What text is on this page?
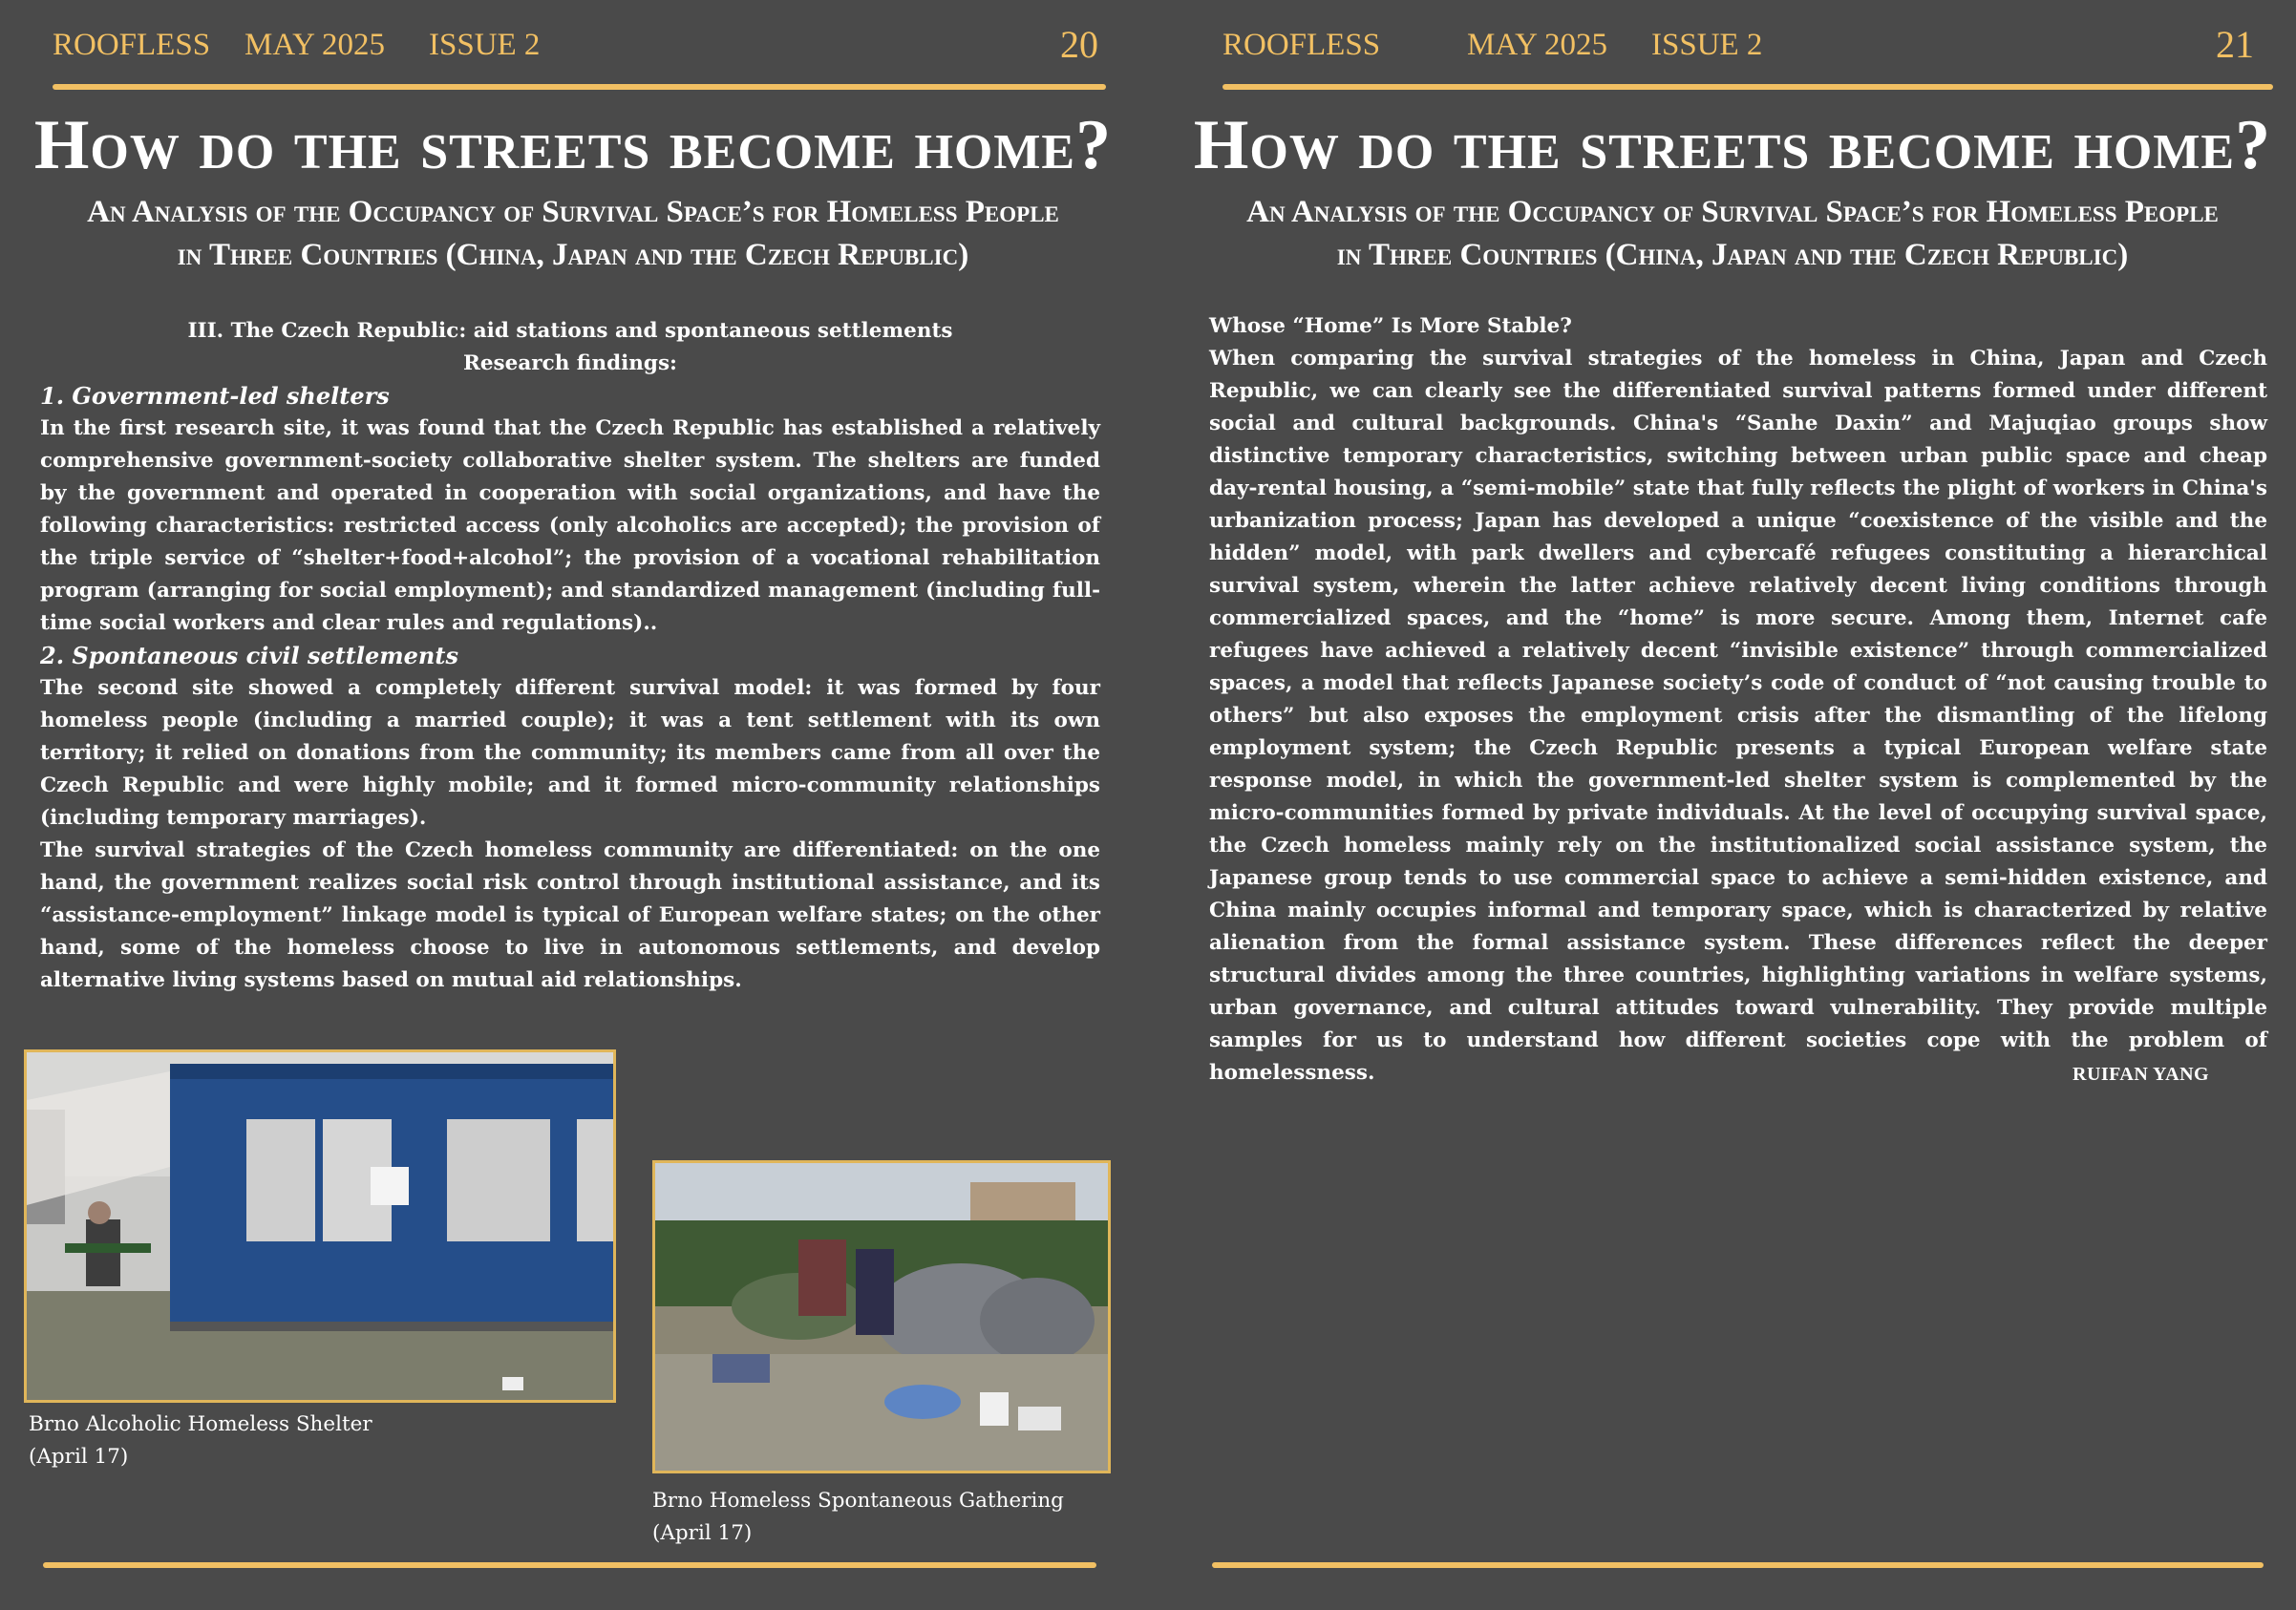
ROOFLESS MAY 2025 ISSUE 2	20
How do the streets become home?
An Analysis of the Occupancy of Survival Space’s for Homeless People
in Three Countries (China, Japan and the Czech Republic)
III. The Czech Republic: aid stations and spontaneous settlements
Research findings:
1. Government-led shelters

In the first research site, it was found that the Czech Republic has established a relatively comprehensive government-society collaborative shelter system. The shelters are funded by the government and operated in cooperation with social organizations, and have the following characteristics: restricted access (only alcoholics are accepted); the provision of the triple service of “shelter+food+alcohol”; the provision of a vocational rehabilitation program (arranging for social employment); and standardized management (including full-time social workers and clear rules and regulations)..

2. Spontaneous civil settlements

The second site showed a completely different survival model: it was formed by four homeless people (including a married couple); it was a tent settlement with its own territory; it relied on donations from the community; its members came from all over the Czech Republic and were highly mobile; and it formed micro-community relationships (including temporary marriages).

The survival strategies of the Czech homeless community are differentiated: on the one hand, the government realizes social risk control through institutional assistance, and its “assistance-employment” linkage model is typical of European welfare states; on the other hand, some of the homeless choose to live in autonomous settlements, and develop alternative living systems based on mutual aid relationships.

Brno Alcoholic Homeless Shelter
(April 17)
Brno Homeless Spontaneous Gathering
(April 17)
ROOFLESS	MAY 2025 ISSUE 2	21
How do the streets become home?
An Analysis of the Occupancy of Survival Space’s for Homeless People
in Three Countries (China, Japan and the Czech Republic)
Whose “Home” Is More Stable?

When comparing the survival strategies of the homeless in China, Japan and Czech Republic, we can clearly see the differentiated survival patterns formed under different social and cultural backgrounds. China's “Sanhe Daxin” and Majuqiao groups show distinctive temporary characteristics, switching between urban public space and cheap day-rental housing, a “semi-mobile” state that fully reflects the plight of workers in China's urbanization process; Japan has developed a unique “coexistence of the visible and the hidden” model, with park dwellers and cybercafé refugees constituting a hierarchical survival system, wherein the latter achieve relatively decent living conditions through commercialized spaces, and the “home” is more secure. Among them, Internet cafe refugees have achieved a relatively decent “invisible existence” through commercialized spaces, a model that reflects Japanese society’s code of conduct of “not causing trouble to others” but also exposes the employment crisis after the dismantling of the lifelong employment system; the Czech Republic presents a typical European welfare state response model, in which the government-led shelter system is complemented by the micro-communities formed by private individuals. At the level of occupying survival space, the Czech homeless mainly rely on the institutionalized social assistance system, the Japanese group tends to use commercial space to achieve a semi-hidden existence, and China mainly occupies informal and temporary space, which is characterized by relative alienation from the formal assistance system. These differences reflect the deeper structural divides among the three countries, highlighting variations in welfare systems, urban governance, and cultural attitudes toward vulnerability. They provide multiple samples for us to understand how different societies cope with the problem of homelessness.	RUIFAN YANG
